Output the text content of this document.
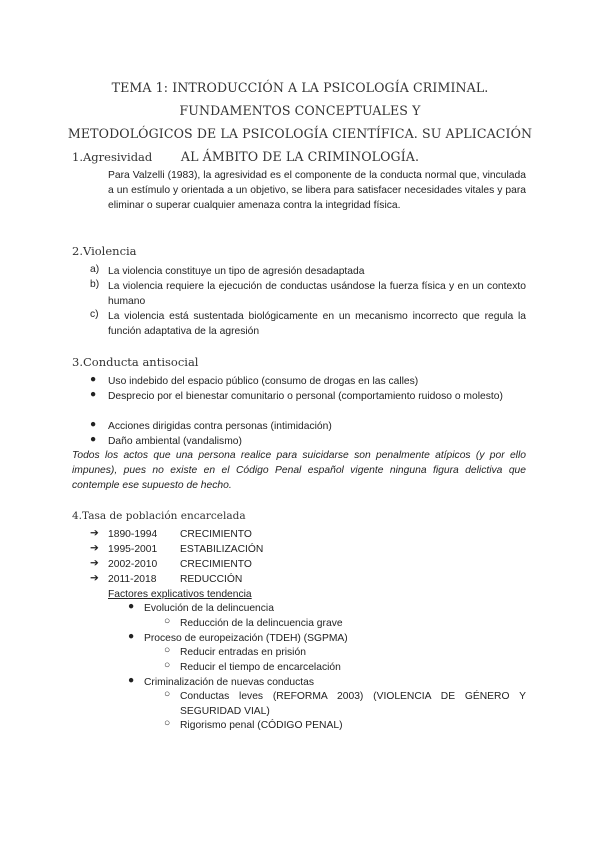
TEMA 1: INTRODUCCIÓN A LA PSICOLOGÍA CRIMINAL. FUNDAMENTOS CONCEPTUALES Y
METODOLÓGICOS DE LA PSICOLOGÍA CIENTÍFICA. SU APLICACIÓN AL ÁMBITO DE LA CRIMINOLOGÍA.
1.Agresividad
Para Valzelli (1983), la agresividad es el componente de la conducta normal que, vinculada a un estímulo y orientada a un objetivo, se libera para satisfacer necesidades vitales y para eliminar o superar cualquier amenaza contra la integridad física.
2.Violencia
a) La violencia constituye un tipo de agresión desadaptada
b) La violencia requiere la ejecución de conductas usándose la fuerza física y en un contexto humano
c) La violencia está sustentada biológicamente en un mecanismo incorrecto que regula la función adaptativa de la agresión
3.Conducta antisocial
● Uso indebido del espacio público (consumo de drogas en las calles)
● Desprecio por el bienestar comunitario o personal (comportamiento ruidoso o molesto)
● Acciones dirigidas contra personas (intimidación)
● Daño ambiental (vandalismo)
Todos los actos que una persona realice para suicidarse son penalmente atípicos (y por ello impunes), pues no existe en el Código Penal español vigente ninguna figura delictiva que contemple ese supuesto de hecho.
4.Tasa de población encarcelada
➔ 1890-1994 CRECIMIENTO
➔ 1995-2001 ESTABILIZACIÓN
➔ 2002-2010 CRECIMIENTO
➔ 2011-2018 REDUCCIÓN
Factores explicativos tendencia
● Evolución de la delincuencia
○ Reducción de la delincuencia grave
● Proceso de europeización (TDEH) (SGPMA)
○ Reducir entradas en prisión
○ Reducir el tiempo de encarcelación
● Criminalización de nuevas conductas
○ Conductas leves (REFORMA 2003) (VIOLENCIA DE GÉNERO Y SEGURIDAD VIAL)
○ Rigorismo penal (CÓDIGO PENAL)
